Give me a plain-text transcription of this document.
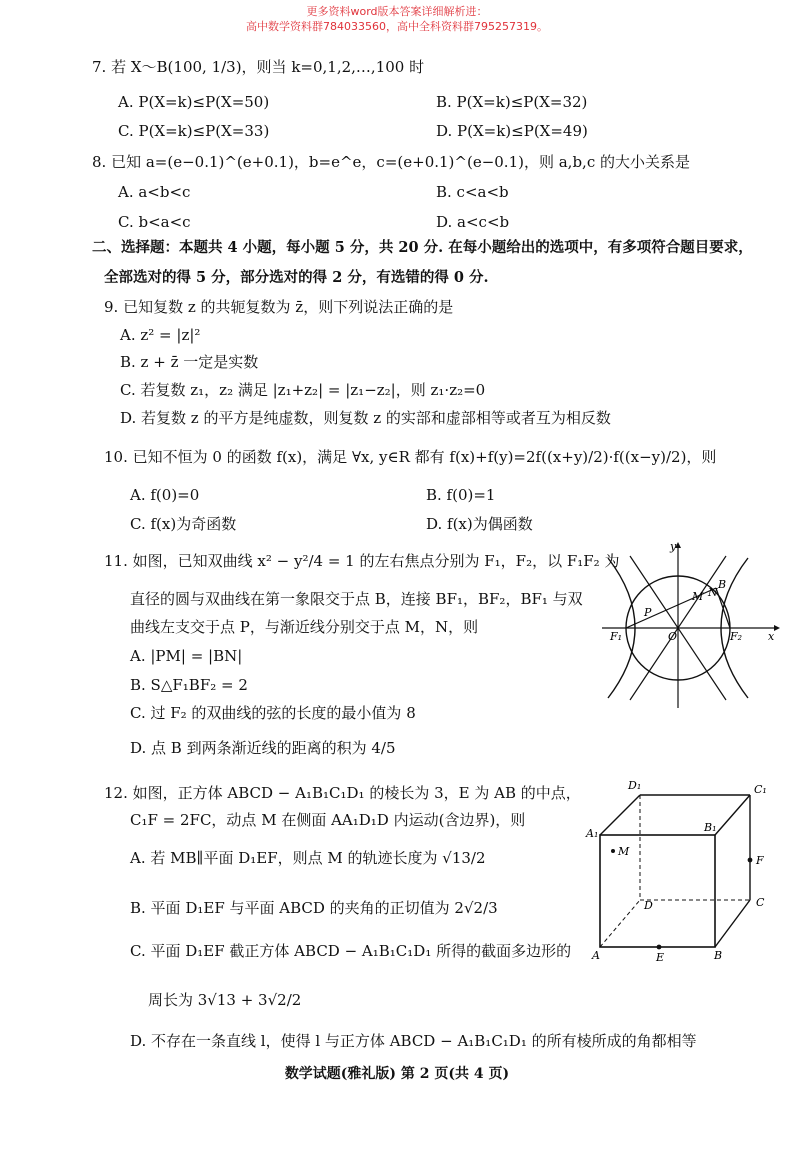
更多资料word版本答案详细解析进：
高中数学资料群784033560，高中全科资料群795257319。
7. 若 X～B(100, 1/3)，则当 k=0,1,2,…,100 时
A. P(X=k)≤P(X=50)	B. P(X=k)≤P(X=32)
C. P(X=k)≤P(X=33)	D. P(X=k)≤P(X=49)
8. 已知 a=(e−0.1)^(e+0.1)，b=e^e，c=(e+0.1)^(e−0.1)，则 a,b,c 的大小关系是
A. a<b<c	B. c<a<b
C. b<a<c	D. a<c<b
二、选择题：本题共 4 小题，每小题 5 分，共 20 分. 在每小题给出的选项中，有多项符合题目要求，
全部选对的得 5 分，部分选对的得 2 分，有选错的得 0 分.
9. 已知复数 z 的共轭复数为 z̄，则下列说法正确的是
A. z² = |z|²
B. z + z̄ 一定是实数
C. 若复数 z₁，z₂ 满足 |z₁+z₂| = |z₁−z₂|，则 z₁·z₂=0
D. 若复数 z 的平方是纯虚数，则复数 z 的实部和虚部相等或者互为相反数
10. 已知不恒为 0 的函数 f(x)，满足 ∀x, y∈R 都有 f(x)+f(y)=2f((x+y)/2)·f((x−y)/2)，则
A. f(0)=0	B. f(0)=1
C. f(x)为奇函数	D. f(x)为偶函数
11. 如图，已知双曲线 x² − y²/4 = 1 的左右焦点分别为 F₁，F₂，以 F₁F₂ 为
直径的圆与双曲线在第一象限交于点 B，连接 BF₁，BF₂，BF₁ 与双
曲线左支交于点 P，与渐近线分别交于点 M，N，则
A. |PM| = |BN|
B. S△F₁BF₂ = 2
C. 过 F₂ 的双曲线的弦的长度的最小值为 8
D. 点 B 到两条渐近线的距离的积为 4/5
y
x
O
F₁	F₂
B
M N
P
12. 如图，正方体 ABCD − A₁B₁C₁D₁ 的棱长为 3，E 为 AB 的中点，
C₁F = 2FC，动点 M 在侧面 AA₁D₁D 内运动(含边界)，则
A. 若 MB∥平面 D₁EF，则点 M 的轨迹长度为 √13/2
B. 平面 D₁EF 与平面 ABCD 的夹角的正切值为 2√2/3
C. 平面 D₁EF 截正方体 ABCD − A₁B₁C₁D₁ 所得的截面多边形的
周长为 3√13 + 3√2/2
D. 不存在一条直线 l，使得 l 与正方体 ABCD − A₁B₁C₁D₁ 的所有棱所成的角都相等
D₁	C₁
A₁	B₁
M
F
D	C
A	E	B
数学试题(雅礼版) 第 2 页(共 4 页)
